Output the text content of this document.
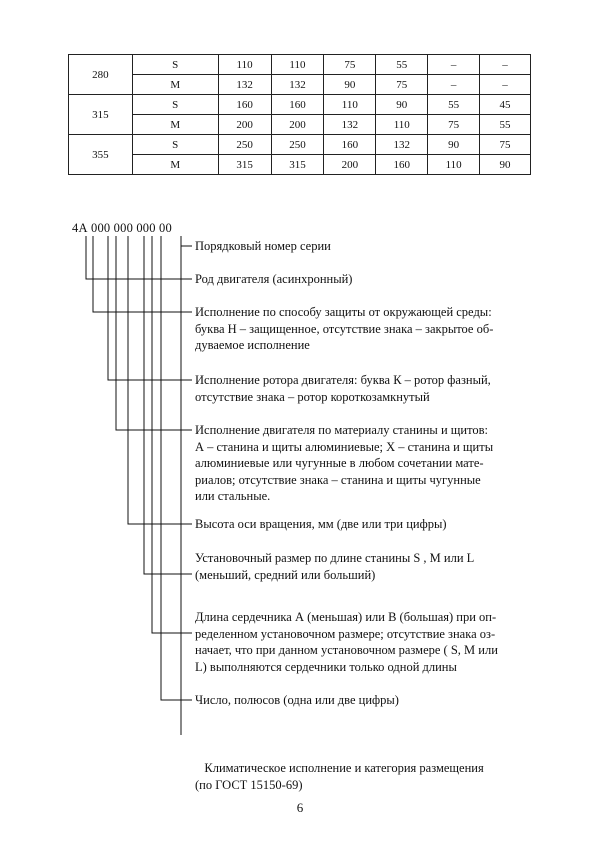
280	S	110	110	75	55	–	–
	M	132	132	90	75	–	–
315	S	160	160	110	90	55	45
	M	200	200	132	110	75	55
355	S	250	250	160	132	90	75
	M	315	315	200	160	110	90
4А 000 000 000 00
Порядковый номер серии
Род двигателя (асинхронный)
Исполнение по способу защиты от окружающей среды:
буква Н – защищенное, отсутствие знака – закрытое об-
дуваемое исполнение
Исполнение ротора двигателя: буква К – ротор фазный,
отсутствие знака – ротор короткозамкнутый
Исполнение двигателя по материалу станины и щитов:
А – станина и щиты алюминиевые; Х – станина и щиты
алюминиевые или чугунные в любом сочетании мате-
риалов; отсутствие знака – станина и щиты чугунные
или стальные.
Высота оси вращения, мм (две или три цифры)
Установочный размер по длине станины S , M или L
(меньший, средний или больший)
Длина сердечника А (меньшая) или В (большая) при оп-
ределенном установочном размере; отсутствие знака оз-
начает, что при данном установочном размере ( S, M или
L) выполняются сердечники только одной длины
Число, полюсов (одна или две цифры)

Климатическое исполнение и категория размещения
(по ГОСТ 15150-69)

6
